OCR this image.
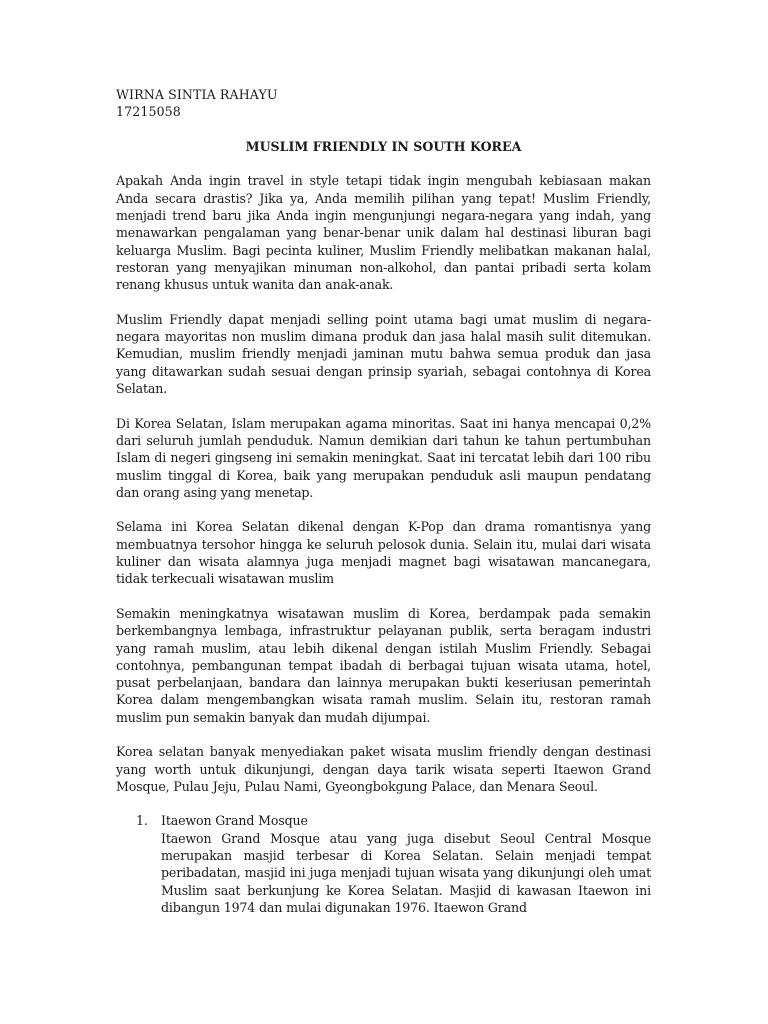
WIRNA SINTIA RAHAYU

17215058

MUSLIM FRIENDLY IN SOUTH KOREA

Apakah Anda ingin travel in style tetapi tidak ingin mengubah kebiasaan makan Anda secara drastis? Jika ya, Anda memilih pilihan yang tepat! Muslim Friendly, menjadi trend baru jika Anda ingin mengunjungi negara-negara yang indah, yang menawarkan pengalaman yang benar-benar unik dalam hal destinasi liburan bagi keluarga Muslim. Bagi pecinta kuliner, Muslim Friendly melibatkan makanan halal, restoran yang menyajikan minuman non-alkohol, dan pantai pribadi serta kolam renang khusus untuk wanita dan anak-anak.

Muslim Friendly dapat menjadi selling point utama bagi umat muslim di negara-negara mayoritas non muslim dimana produk dan jasa halal masih sulit ditemukan. Kemudian, muslim friendly menjadi jaminan mutu bahwa semua produk dan jasa yang ditawarkan sudah sesuai dengan prinsip syariah, sebagai contohnya di Korea Selatan.

Di Korea Selatan, Islam merupakan agama minoritas. Saat ini hanya mencapai 0,2% dari seluruh jumlah penduduk. Namun demikian dari tahun ke tahun pertumbuhan Islam di negeri gingseng ini semakin meningkat. Saat ini tercatat lebih dari 100 ribu muslim tinggal di Korea, baik yang merupakan penduduk asli maupun pendatang dan orang asing yang menetap.

Selama ini Korea Selatan dikenal dengan K-Pop dan drama romantisnya yang membuatnya tersohor hingga ke seluruh pelosok dunia. Selain itu, mulai dari wisata kuliner dan wisata alamnya juga menjadi magnet bagi wisatawan mancanegara, tidak terkecuali wisatawan muslim

Semakin meningkatnya wisatawan muslim di Korea, berdampak pada semakin berkembangnya lembaga, infrastruktur pelayanan publik, serta beragam industri yang ramah muslim, atau lebih dikenal dengan istilah Muslim Friendly. Sebagai contohnya, pembangunan tempat ibadah di berbagai tujuan wisata utama, hotel, pusat perbelanjaan, bandara dan lainnya merupakan bukti keseriusan pemerintah Korea dalam mengembangkan wisata ramah muslim. Selain itu, restoran ramah muslim pun semakin banyak dan mudah dijumpai.

Korea selatan banyak menyediakan paket wisata muslim friendly dengan destinasi yang worth untuk dikunjungi, dengan daya tarik wisata seperti Itaewon Grand Mosque, Pulau Jeju, Pulau Nami, Gyeongbokgung Palace, dan Menara Seoul.

1. Itaewon Grand Mosque
Itaewon Grand Mosque atau yang juga disebut Seoul Central Mosque merupakan masjid terbesar di Korea Selatan. Selain menjadi tempat peribadatan, masjid ini juga menjadi tujuan wisata yang dikunjungi oleh umat Muslim saat berkunjung ke Korea Selatan. Masjid di kawasan Itaewon ini dibangun 1974 dan mulai digunakan 1976. Itaewon Grand
